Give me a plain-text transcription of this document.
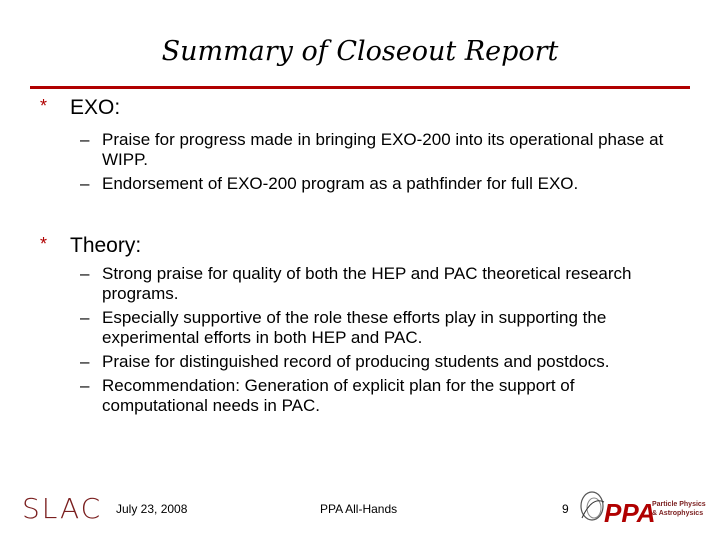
Summary of Closeout Report
* EXO:
– Praise for progress made in bringing EXO-200 into its operational phase at WIPP.
– Endorsement of EXO-200 program as a pathfinder for full EXO.
* Theory:
– Strong praise for quality of both the HEP and PAC theoretical research programs.
– Especially supportive of the role these efforts play in supporting the experimental efforts in both HEP and PAC.
– Praise for distinguished record of producing students and postdocs.
– Recommendation: Generation of explicit plan for the support of computational needs in PAC.
SLAC July 23, 2008	PPA All-Hands	9 PPA
Particle Physics
& Astrophysics
